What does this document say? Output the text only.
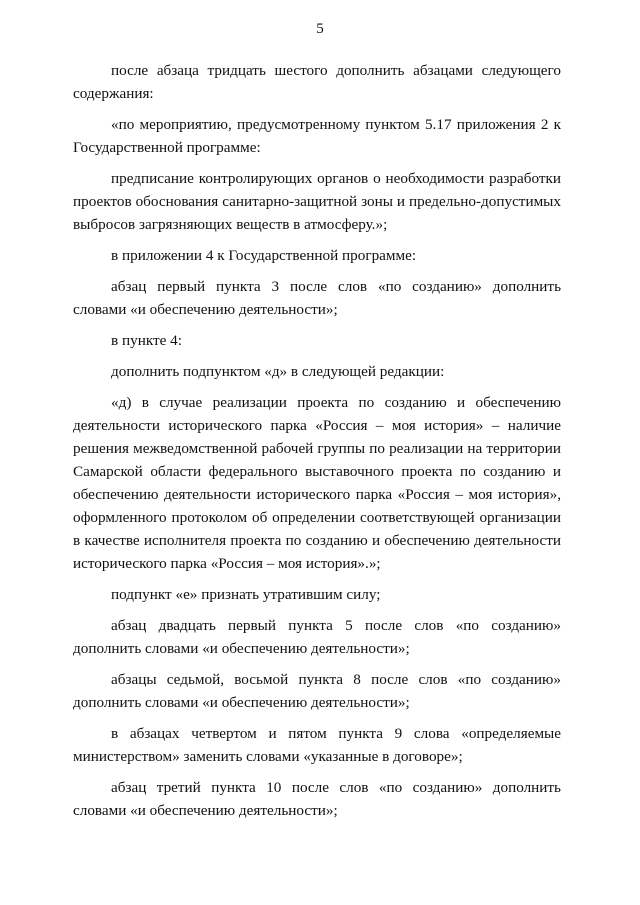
5

после абзаца тридцать шестого дополнить абзацами следующего содержания:

«по мероприятию, предусмотренному пунктом 5.17 приложения 2 к Государственной программе:

предписание контролирующих органов о необходимости разработки проектов обоснования санитарно-защитной зоны и предельно-допустимых выбросов загрязняющих веществ в атмосферу.»;

в приложении 4 к Государственной программе:

абзац первый пункта 3 после слов «по созданию» дополнить словами «и обеспечению деятельности»;

в пункте 4:

дополнить подпунктом «д» в следующей редакции:

«д) в случае реализации проекта по созданию и обеспечению деятельности исторического парка «Россия – моя история» – наличие решения межведомственной рабочей группы по реализации на территории Самарской области федерального выставочного проекта по созданию и обеспечению деятельности исторического парка «Россия – моя история», оформленного протоколом об определении соответствующей организации в качестве исполнителя проекта по созданию и обеспечению деятельности исторического парка «Россия – моя история».»;

подпункт «е» признать утратившим силу;

абзац двадцать первый пункта 5 после слов «по созданию» дополнить словами «и обеспечению деятельности»;

абзацы седьмой, восьмой пункта 8 после слов «по созданию» дополнить словами «и обеспечению деятельности»;

в абзацах четвертом и пятом пункта 9 слова «определяемые министерством» заменить словами «указанные в договоре»;

абзац третий пункта 10 после слов «по созданию» дополнить словами «и обеспечению деятельности»;
